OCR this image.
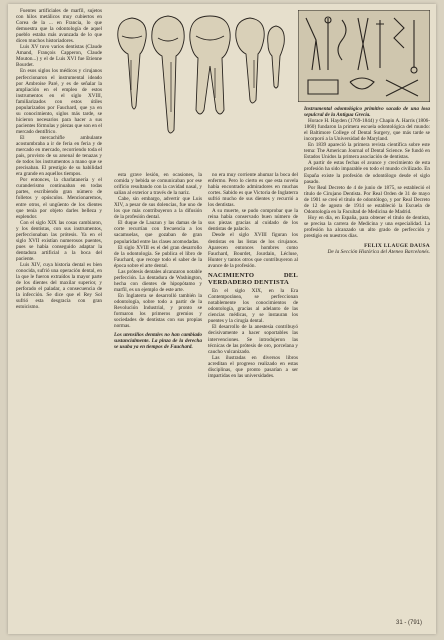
Fuentes artificiales de marfil, sujetos con hilos metálicos muy cubiertos en Corea de la ... en Francia, lo que demuestra que la odontología de aquel pueblo estaba más avanzada de lo que dicen muchos historiadores.

Luis XV tuvo varios dentistas (Claude Amand, François Capperon, Claude Mouton...) y el de Luis XVI fue Etienne Bourdet.

En esos siglos los médicos y cirujanos perfeccionaron el instrumental ideado por Ambroise Paré, y es de señalar la ampliación en el empleo de estos instrumentos en el siglo XVIII, familiarizados con estos útiles popularizados por Fauchard, que ya en su conocimiento, siglos más tarde, se hicieron necesarios para hacer a sus pacientes fórmulas y piezas que son en el mercado dentífrico.

El mercachifle ambulante acostumbraba a ir de feria en feria y de mercado en mercado, recorriendo toda el país, provisto de su arsenal de tenazas y de todos los instrumentos a mano que se precisaban. El prestigio de su habilidad era grande en aquellos tiempos.

Por entonces, la charlatanería y el curanderismo continuaban en todas partes, escribiendo gran número de folletos y opúsculos. Mencionaremos, entre otros, el ungüento de los dientes que tenía por objeto darles belleza y esplendor.

Con el siglo XIX las cosas cambiaron, y los dentistas, con sus instrumentos, perfeccionaban las prótesis. Ya en el siglo XVII existían numerosos puentes, pues se había conseguido adaptar la dentadura artificial a la boca del paciente.

Luis XIV, cuya historia dental es bien conocida, sufrió una operación dental, en la que le fueron extraídos la mayor parte de los dientes del maxilar superior, y perforado el paladar, a consecuencia de la infección. Se dice que el Rey Sol sufrió esta desgracia con gran estoicismo.

esta grave lesión, en ocasiones, la comida y bebida se comunicaban por ese orificio resultando con la cavidad nasal, y salían al exterior a través de la nariz.

Cabe, sin embargo, advertir que Luis XIV, a pesar de sus dolencias, fue uno de los que más contribuyeron a la difusión de la profesión dental.

El duque de Lauzun y las damas de la corte recurrían con frecuencia a los sacamuelas, que gozaban de gran popularidad entre las clases acomodadas.

El siglo XVIII es el del gran desarrollo de la odontología. Se publica el libro de Fauchard, que recoge todo el saber de la época sobre el arte dental.

Las prótesis dentales alcanzaron notable perfección. La dentadura de Washington, hecha con dientes de hipopótamo y marfil, es un ejemplo de este arte.

En Inglaterra se desarrolló también la odontología, sobre todo a partir de la Revolución Industrial, y pronto se formaron los primeros gremios y sociedades de dentistas con sus propias normas.

Los utensilios dentales no han cambiado sustancialmente. La pinza de la derecha se usaba ya en tiempos de Fauchard.

no era muy corriente ahumar la boca del enfermo. Pero lo cierto es que esta novela había encontrado admiradores en muchas cortes. Sabido es que Victoria de Inglaterra sufrió mucho de sus dientes y recurrió a los dentistas.

A su muerte, se pudo comprobar que la reina había conservado buen número de sus piezas gracias al cuidado de los dentistas de palacio.

Desde el siglo XVIII figuran los dentistas en las listas de los cirujanos. Aparecen entonces hombres como Fauchard, Bourdet, Jourdain, Lécluse, Hunter y tantos otros que contribuyeron al avance de la profesión.

NACIMIENTO DEL VERDADERO DENTISTA

En el siglo XIX, en la Era Contemporánea, se perfeccionan notablemente los conocimientos de odontología, gracias al adelanto de las ciencias médicas, y se instauran los puentes y la cirugía dental.

El desarrollo de la anestesia contribuyó decisivamente a hacer soportables las intervenciones. Se introdujeron las técnicas de las prótesis de oro, porcelana y caucho vulcanizado.

Las ilustradas en diversos libros acreditan el progreso realizado en estas disciplinas, que pronto pasarían a ser impartidas en las universidades.

Instrumental odontológico primitivo sacado de una losa sepulcral de la Antigua Grecia.

Horace H. Hayden (1769-1844) y Chapin A. Harris (1806-1860) fundaron la primera escuela odontológica del mundo: el Baltimore College of Dental Surgery, que más tarde se incorporó a la Universidad de Maryland.

En 1839 apareció la primera revista científica sobre este tema: The American Journal of Dental Science. Se fundó en Estados Unidos la primera asociación de dentistas.

A partir de estas fechas el avance y crecimiento de esta profesión ha sido imparable en todo el mundo civilizado. En España existe la profesión de odontólogo desde el siglo pasado.

Por Real Decreto de 4 de junio de 1875, se estableció el título de Cirujano Dentista. Por Real Orden de 31 de mayo de 1901 se creó el título de odontólogo, y por Real Decreto de 12 de agosto de 1914 se estableció la Escuela de Odontología en la Facultad de Medicina de Madrid.

Hoy en día, en España, para obtener el título de dentista, se precisa la carrera de Medicina y una especialidad. La profesión ha alcanzado un alto grado de perfección y prestigio en nuestros días.

FELIX LLAUGE DAUSA
De la Sección Histórica del Ateneo Barcelonés.
31 - (791)
